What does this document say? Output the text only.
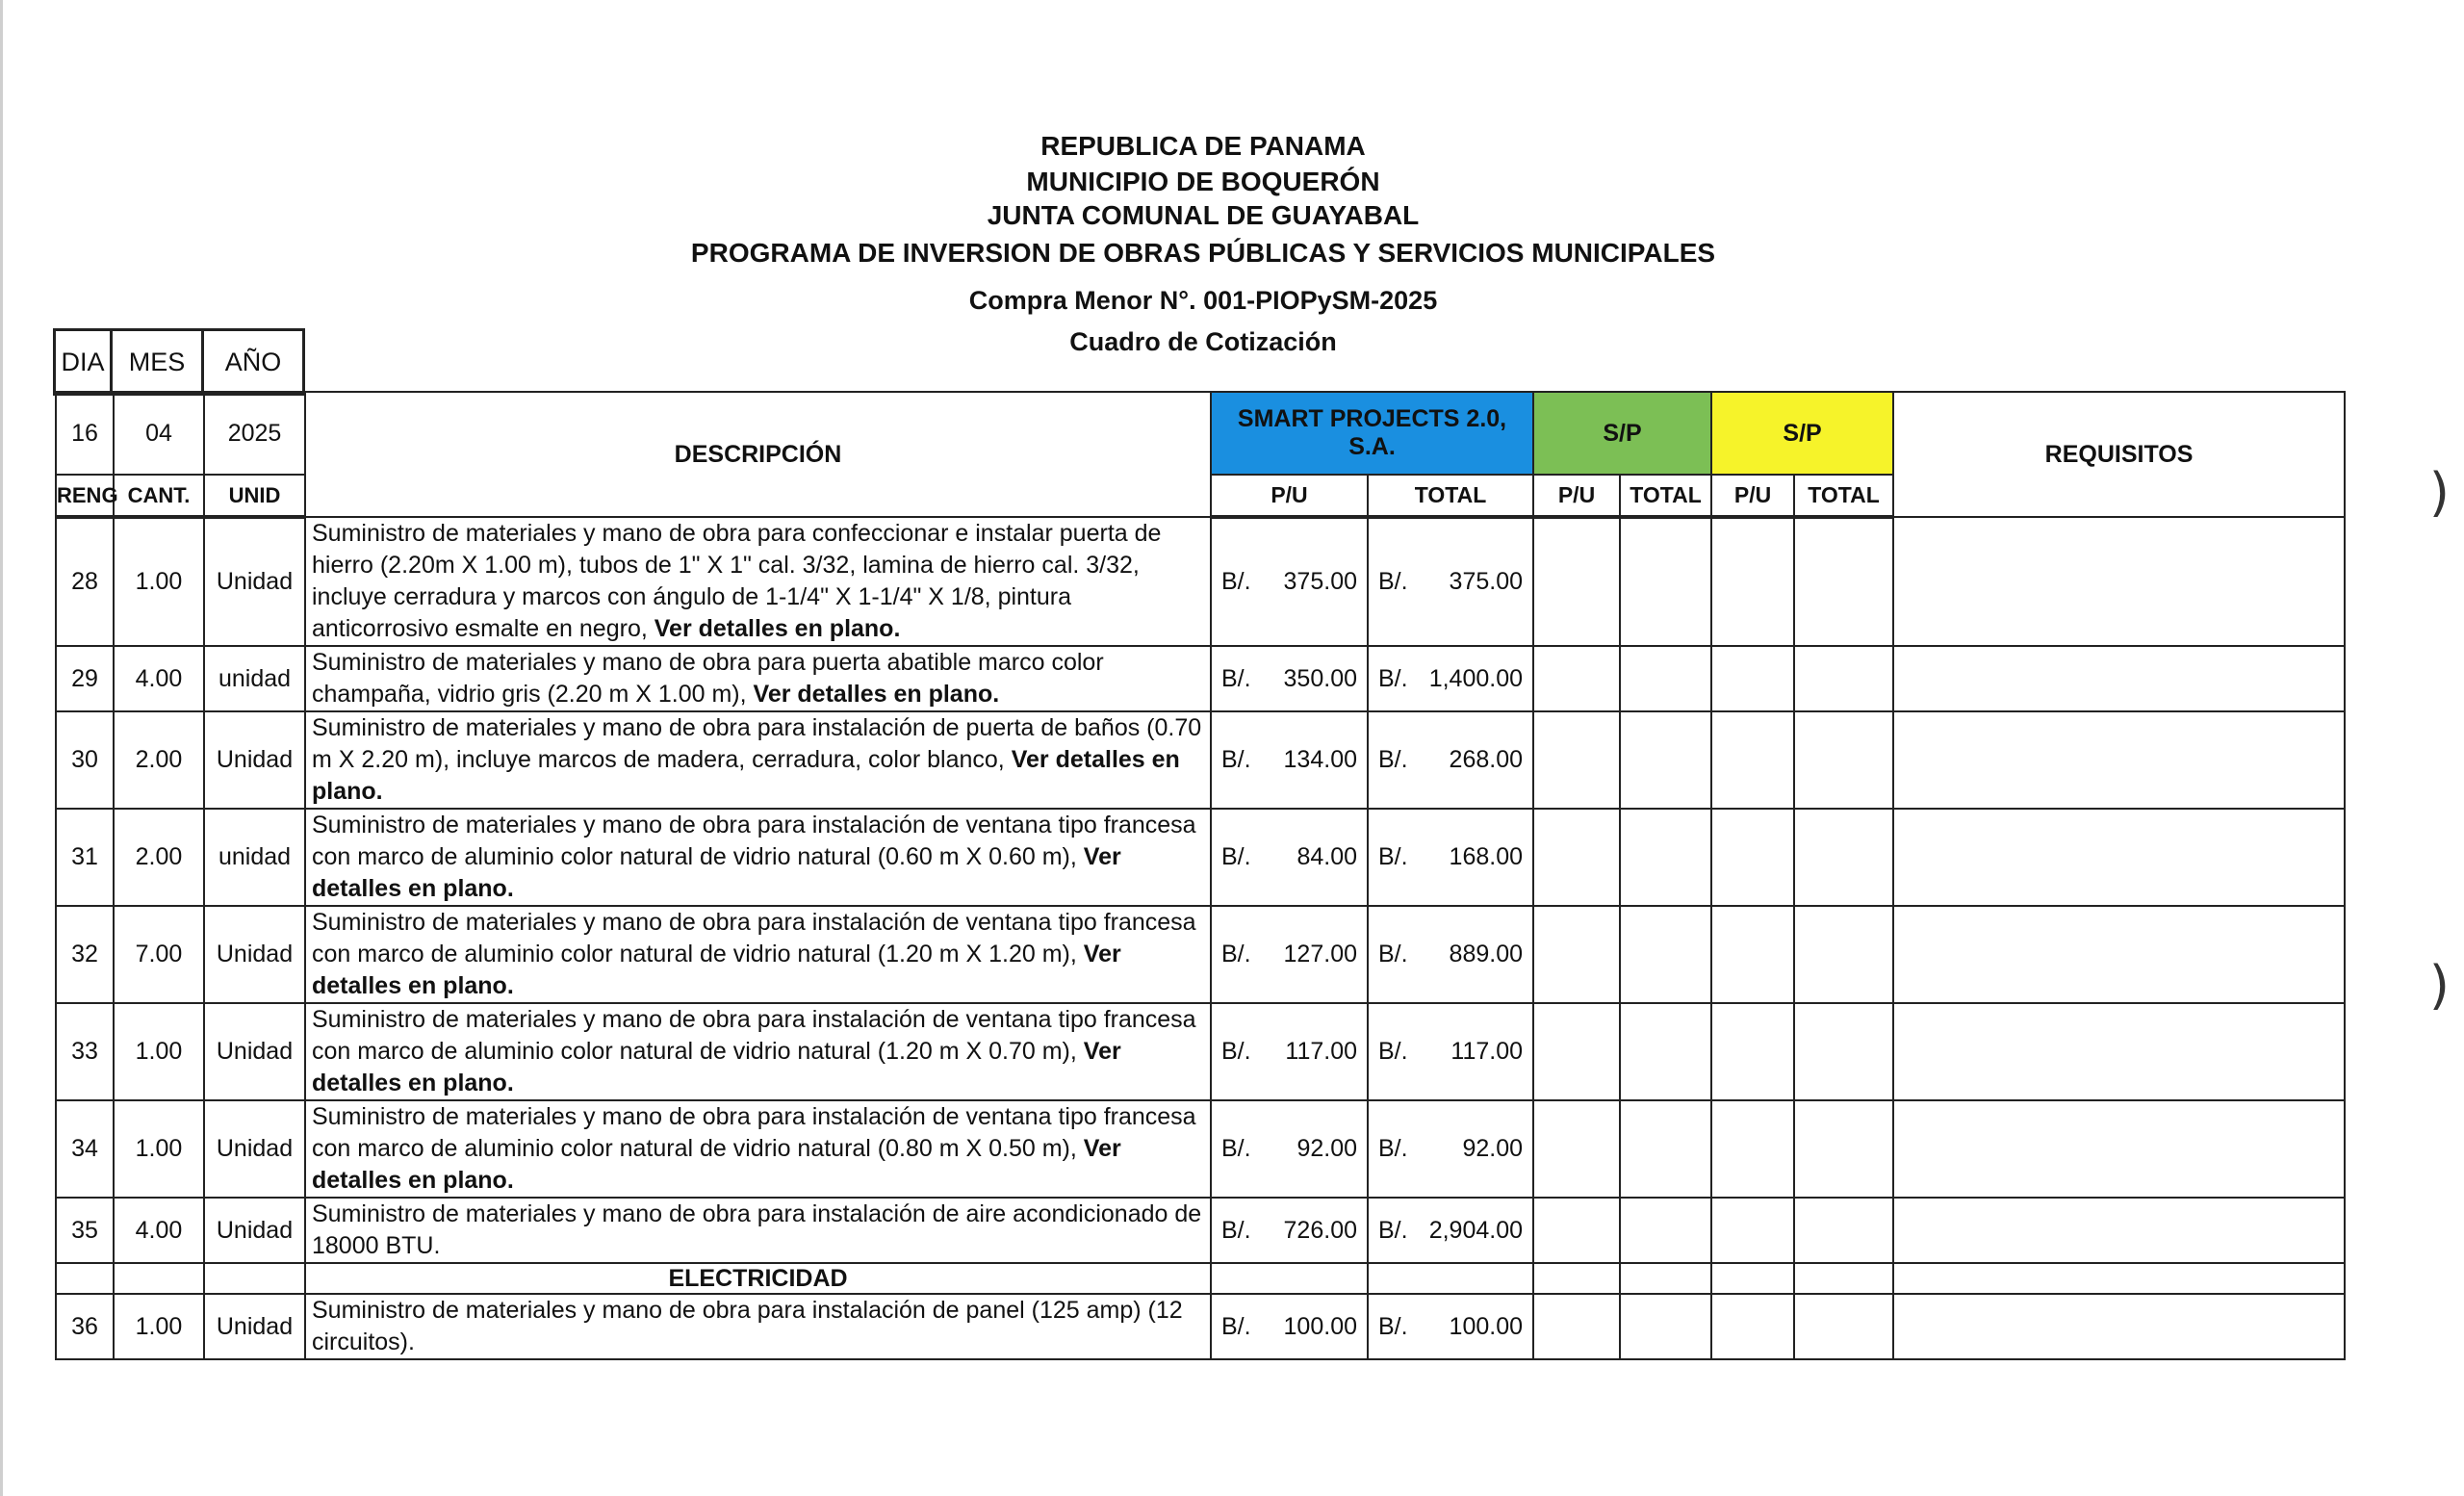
)
)
REPUBLICA DE PANAMA
MUNICIPIO DE BOQUERÓN
JUNTA COMUNAL DE GUAYABAL
PROGRAMA DE INVERSION DE OBRAS PÚBLICAS Y SERVICIOS MUNICIPALES
Compra Menor N°. 001-PIOPySM-2025
Cuadro de Cotización
DIA	MES	AÑO
16	04	2025	DESCRIPCIÓN	SMART PROJECTS 2.0, S.A.		S/P		S/P		REQUISITOS
RENG	CANT.	UNID		P/U	TOTAL	P/U	TOTAL	P/U	TOTAL	
28	1.00	Unidad	Suministro de materiales y mano de obra para confeccionar e instalar puerta de hierro (2.20m X 1.00 m), tubos de 1" X 1" cal. 3/32, lamina de hierro cal. 3/32, incluye cerradura y marcos con ángulo de 1-1/4" X 1-1/4" X 1/8, pintura anticorrosivo esmalte en negro, Ver detalles en plano.	B/. 375.00	B/. 375.00					

29	4.00	unidad	Suministro de materiales y mano de obra para puerta abatible marco color champaña, vidrio gris (2.20 m X 1.00 m), Ver detalles en plano.	B/. 350.00	B/. 1,400.00					

30	2.00	Unidad	Suministro de materiales y mano de obra para instalación de puerta de baños (0.70 m X 2.20 m), incluye marcos de madera, cerradura, color blanco, Ver detalles en plano.	B/. 134.00	B/. 268.00					

31	2.00	unidad	Suministro de materiales y mano de obra para instalación de ventana tipo francesa con marco de aluminio color natural de vidrio natural (0.60 m X 0.60 m), Ver detalles en plano.	B/. 84.00	B/. 168.00					

32	7.00	Unidad	Suministro de materiales y mano de obra para instalación de ventana tipo francesa con marco de aluminio color natural de vidrio natural (1.20 m X 1.20 m), Ver detalles en plano.	B/. 127.00	B/. 889.00					

33	1.00	Unidad	Suministro de materiales y mano de obra para instalación de ventana tipo francesa con marco de aluminio color natural de vidrio natural (1.20 m X 0.70 m), Ver detalles en plano.	B/. 117.00	B/. 117.00					

34	1.00	Unidad	Suministro de materiales y mano de obra para instalación de ventana tipo francesa con marco de aluminio color natural de vidrio natural (0.80 m X 0.50 m), Ver detalles en plano.	B/. 92.00	B/. 92.00					

35	4.00	Unidad	Suministro de materiales y mano de obra para instalación de aire acondicionado de 18000 BTU.	B/. 726.00	B/. 2,904.00					

			ELECTRICIDAD							
36	1.00	Unidad	Suministro de materiales y mano de obra para instalación de panel (125 amp) (12 circuitos).	B/. 100.00	B/. 100.00					
